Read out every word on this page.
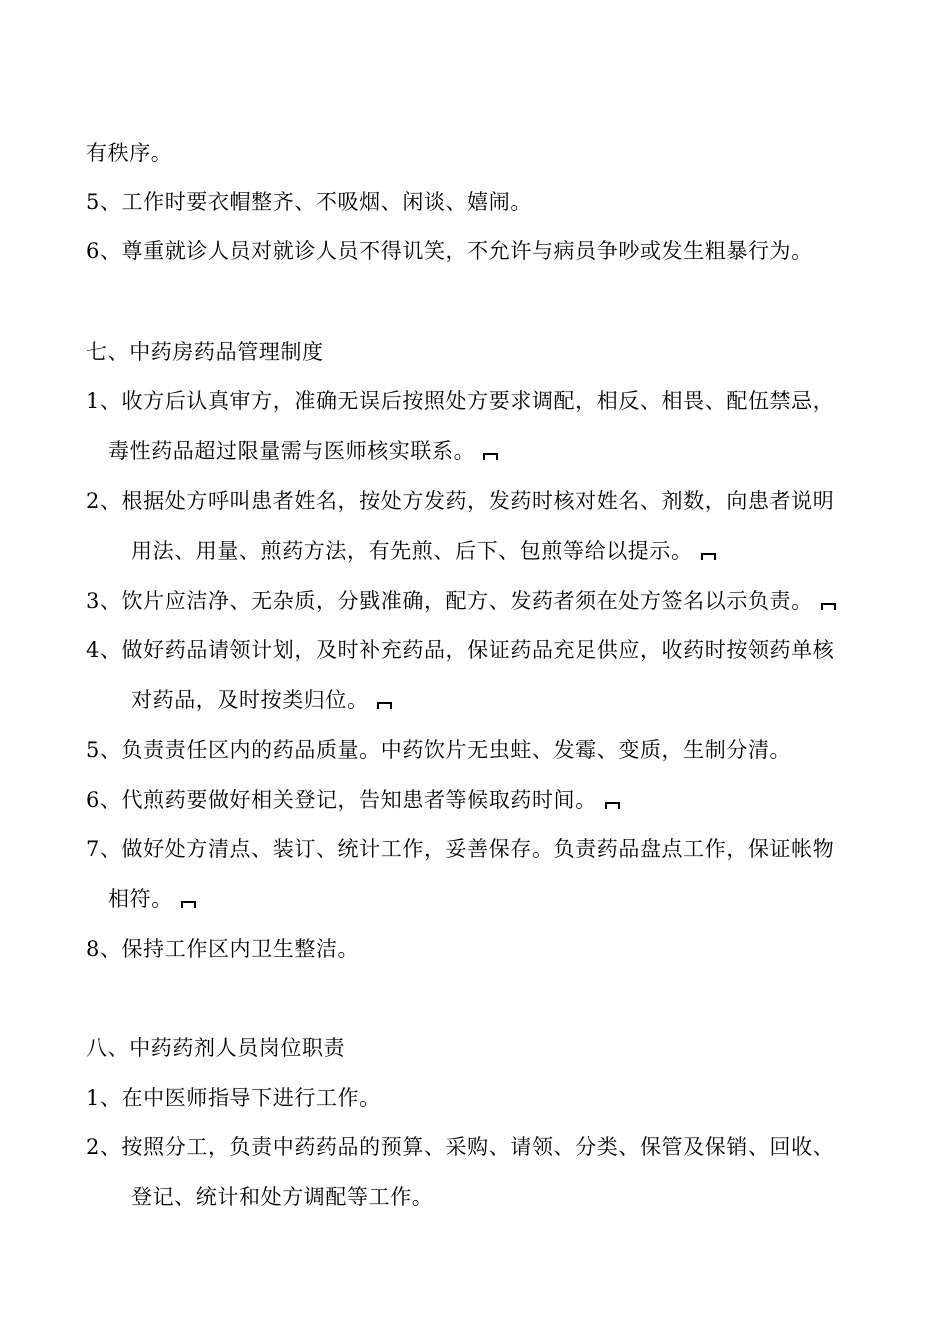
有秩序。
5、工作时要衣帽整齐、不吸烟、闲谈、嬉闹。
6、尊重就诊人员对就诊人员不得讥笑，不允许与病员争吵或发生粗暴行为。
七、中药房药品管理制度
1、收方后认真审方，准确无误后按照处方要求调配，相反、相畏、配伍禁忌，
毒性药品超过限量需与医师核实联系。
2、根据处方呼叫患者姓名，按处方发药，发药时核对姓名、剂数，向患者说明
用法、用量、煎药方法，有先煎、后下、包煎等给以提示。
3、饮片应洁净、无杂质，分戥准确，配方、发药者须在处方签名以示负责。
4、做好药品请领计划，及时补充药品，保证药品充足供应，收药时按领药单核
对药品，及时按类归位。
5、负责责任区内的药品质量。中药饮片无虫蛀、发霉、变质，生制分清。
6、代煎药要做好相关登记，告知患者等候取药时间。
7、做好处方清点、装订、统计工作，妥善保存。负责药品盘点工作，保证帐物
相符。
8、保持工作区内卫生整洁。
八、中药药剂人员岗位职责
1、在中医师指导下进行工作。
2、按照分工，负责中药药品的预算、采购、请领、分类、保管及保销、回收、
登记、统计和处方调配等工作。
